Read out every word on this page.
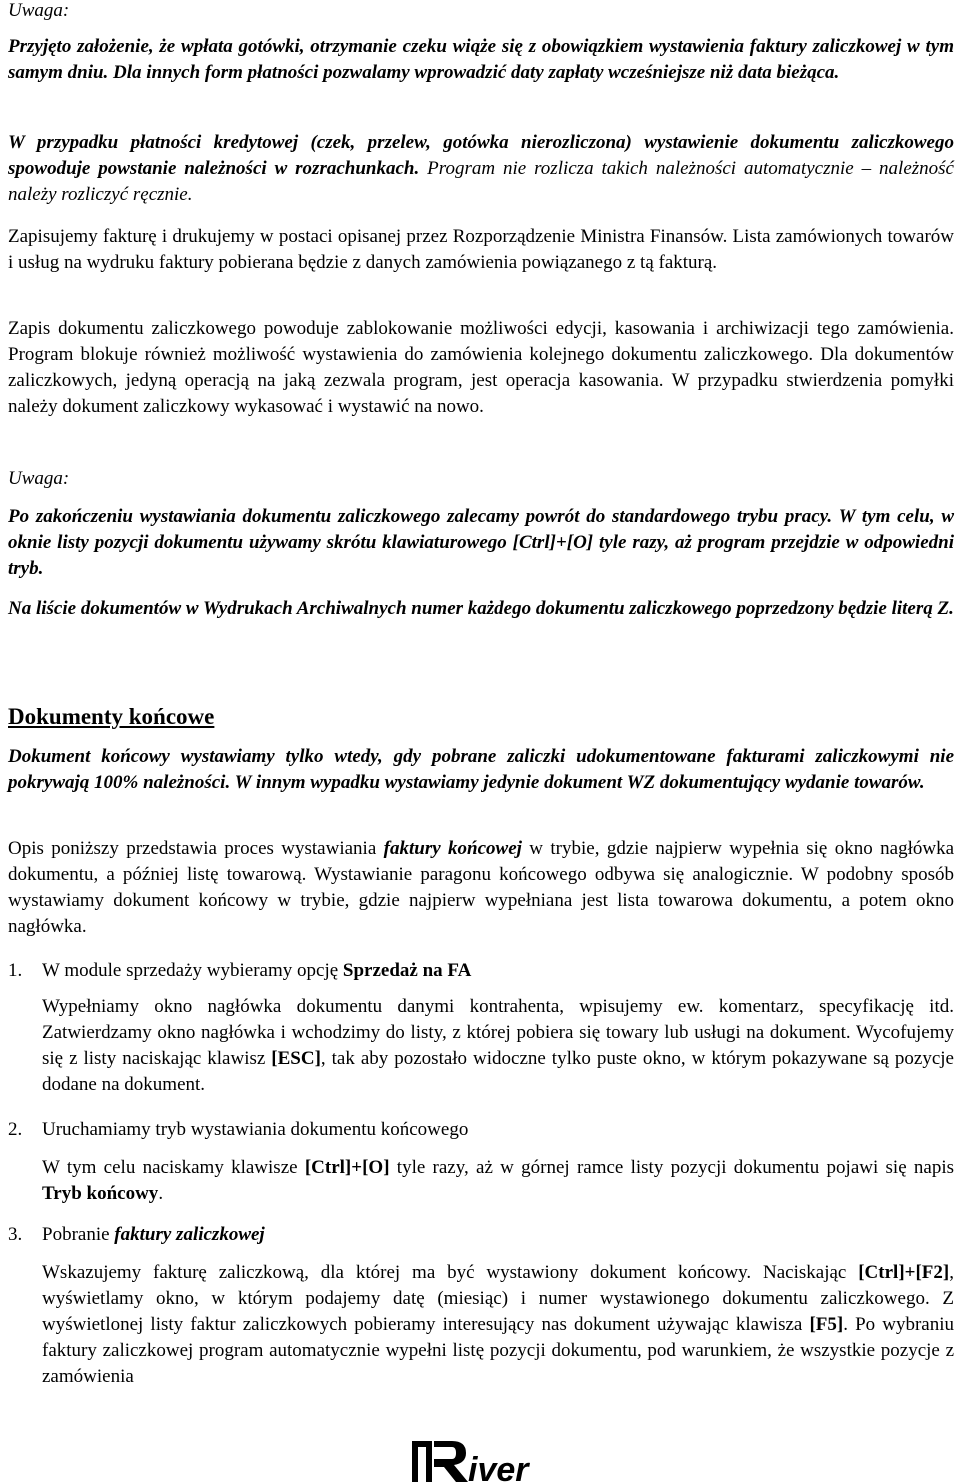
Uwaga:

Przyjęto założenie, że wpłata gotówki, otrzymanie czeku wiąże się z obowiązkiem wystawienia faktury zaliczkowej w tym samym dniu. Dla innych form płatności pozwalamy wprowadzić daty zapłaty wcześniejsze niż data bieżąca.

W przypadku płatności kredytowej (czek, przelew, gotówka nierozliczona) wystawienie dokumentu zaliczkowego spowoduje powstanie należności w rozrachunkach. Program nie rozlicza takich należności automatycznie – należność należy rozliczyć ręcznie.

Zapisujemy fakturę i drukujemy w postaci opisanej przez Rozporządzenie Ministra Finansów. Lista zamówionych towarów i usług na wydruku faktury pobierana będzie z danych zamówienia powiązanego z tą fakturą.

Zapis dokumentu zaliczkowego powoduje zablokowanie możliwości edycji, kasowania i archiwizacji tego zamówienia. Program blokuje również możliwość wystawienia do zamówienia kolejnego dokumentu zaliczkowego. Dla dokumentów zaliczkowych, jedyną operacją na jaką zezwala program, jest operacja kasowania. W przypadku stwierdzenia pomyłki należy dokument zaliczkowy wykasować i wystawić na nowo.

Uwaga:

Po zakończeniu wystawiania dokumentu zaliczkowego zalecamy powrót do standardowego trybu pracy. W tym celu, w oknie listy pozycji dokumentu używamy skrótu klawiaturowego [Ctrl]+[O] tyle razy, aż program przejdzie w odpowiedni tryb.

Na liście dokumentów w Wydrukach Archiwalnych numer każdego dokumentu zaliczkowego poprzedzony będzie literą Z.

Dokumenty końcowe

Dokument końcowy wystawiamy tylko wtedy, gdy pobrane zaliczki udokumentowane fakturami zaliczkowymi nie pokrywają 100% należności. W innym wypadku wystawiamy jedynie dokument WZ dokumentujący wydanie towarów.

Opis poniższy przedstawia proces wystawiania faktury końcowej w trybie, gdzie najpierw wypełnia się okno nagłówka dokumentu, a później listę towarową. Wystawianie paragonu końcowego odbywa się analogicznie. W podobny sposób wystawiamy dokument końcowy w trybie, gdzie najpierw wypełniana jest lista towarowa dokumentu, a potem okno nagłówka.

1.	W module sprzedaży wybieramy opcję Sprzedaż na FA

Wypełniamy okno nagłówka dokumentu danymi kontrahenta, wpisujemy ew. komentarz, specyfikację itd. Zatwierdzamy okno nagłówka i wchodzimy do listy, z której pobiera się towary lub usługi na dokument. Wycofujemy się z listy naciskając klawisz [ESC], tak aby pozostało widoczne tylko puste okno, w którym pokazywane są pozycje dodane na dokument.

2.	Uruchamiamy tryb wystawiania dokumentu końcowego

W tym celu naciskamy klawisze [Ctrl]+[O] tyle razy, aż w górnej ramce listy pozycji dokumentu pojawi się napis Tryb końcowy.

3.	Pobranie faktury zaliczkowej

Wskazujemy fakturę zaliczkową, dla której ma być wystawiony dokument końcowy. Naciskając [Ctrl]+[F2], wyświetlamy okno, w którym podajemy datę (miesiąc) i numer wystawionego dokumentu zaliczkowego. Z wyświetlonej listy faktur zaliczkowych pobieramy interesujący nas dokument używając klawisza [F5]. Po wybraniu faktury zaliczkowej program automatycznie wypełni listę pozycji dokumentu, pod warunkiem, że wszystkie pozycje z zamówienia

iver
